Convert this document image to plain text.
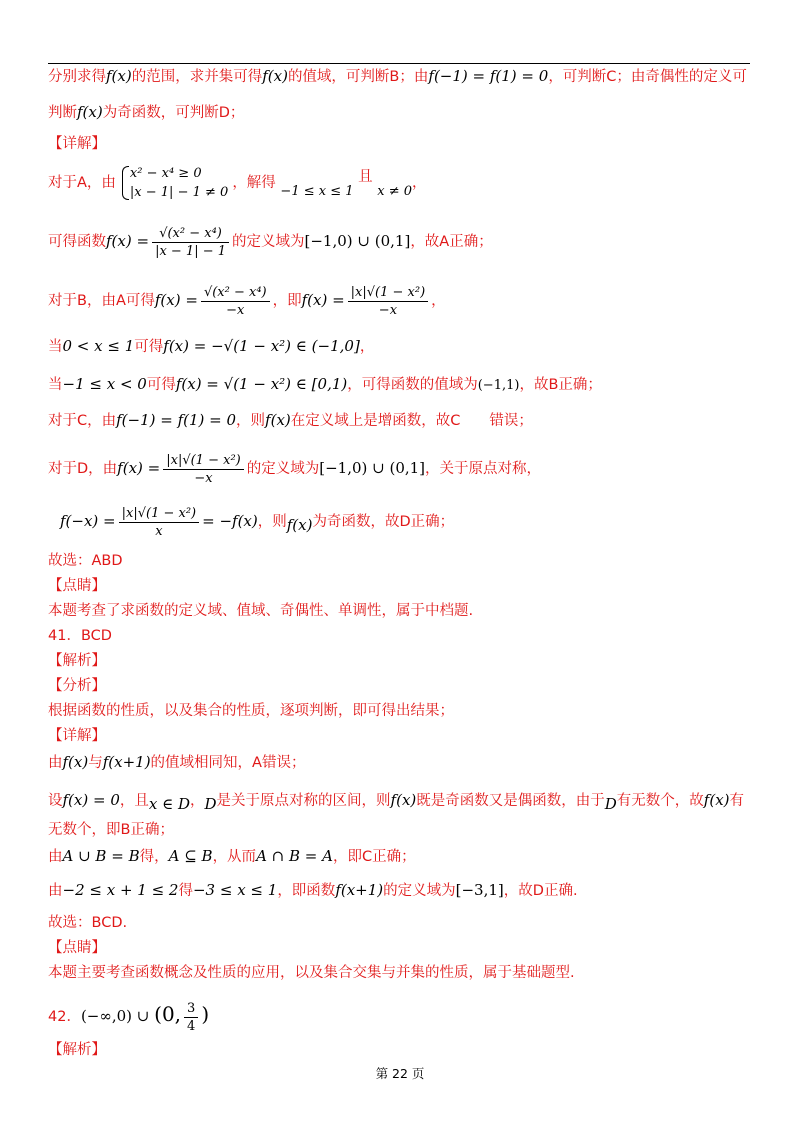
分别求得f(x)的范围，求并集可得f(x)的值域，可判断B；由f(−1) = f(1) = 0，可判断C；由奇偶性的定义可
判断f(x)为奇函数，可判断D；
【详解】
对于A，由
x² − x⁴ ≥ 0
|x − 1| − 1 ≠ 0
，解得 −1 ≤ x ≤ 1 且 x ≠ 0，
可得函数$f(x) = \frac{\text{√(x² − x⁴)}}{|x - 1| - 1}$ 的定义域为[−1,0) ∪ (0,1]，故A正确；
对于B，由A可得$f(x) = \frac{\text{√(x² − x⁴)}}{-x}$ ，即$f(x) = \frac{\text{|x|√(1 − x²)}}{-x}$ ，
当0 < x ≤ 1可得f(x) = −√(1 − x²) ∈ (−1,0]，
当−1 ≤ x < 0可得f(x) = √(1 − x²) ∈ [0,1)，可得函数的值域为(−1,1)，故B正确；
对于C，由f(−1) = f(1) = 0，则f(x)在定义域上是增函数，故C　　错误；
对于D，由$f(x) = \frac{\text{|x|√(1 − x²)}}{-x}$ 的定义域为[−1,0) ∪ (0,1]，关于原点对称，
$f(-x) = \frac{\text{|x|√(1 − x²)}}{x} = -f(x)$，则f(x)为奇函数，故D正确；
故选：ABD
【点睛】
本题考查了求函数的定义域、值域、奇偶性、单调性，属于中档题.
41．BCD
【解析】
【分析】
根据函数的性质，以及集合的性质，逐项判断，即可得出结果；
【详解】
由f(x)与f(x+1)的值域相同知，A错误；
设f(x) = 0，且x ∈ D，D是关于原点对称的区间，则f(x)既是奇函数又是偶函数，由于D有无数个，故f(x)有
无数个，即B正确；
由A ∪ B = B得，A ⊆ B，从而A ∩ B = A，即C正确；
由−2 ≤ x + 1 ≤ 2得−3 ≤ x ≤ 1，即函数f(x+1)的定义域为[−3,1]，故D正确.
故选：BCD.
【点睛】
本题主要考查函数概念及性质的应用，以及集合交集与并集的性质，属于基础题型.
42．(−∞,0) ∪ (0, $\frac{3}{4}$ )
【解析】
第 22 页
